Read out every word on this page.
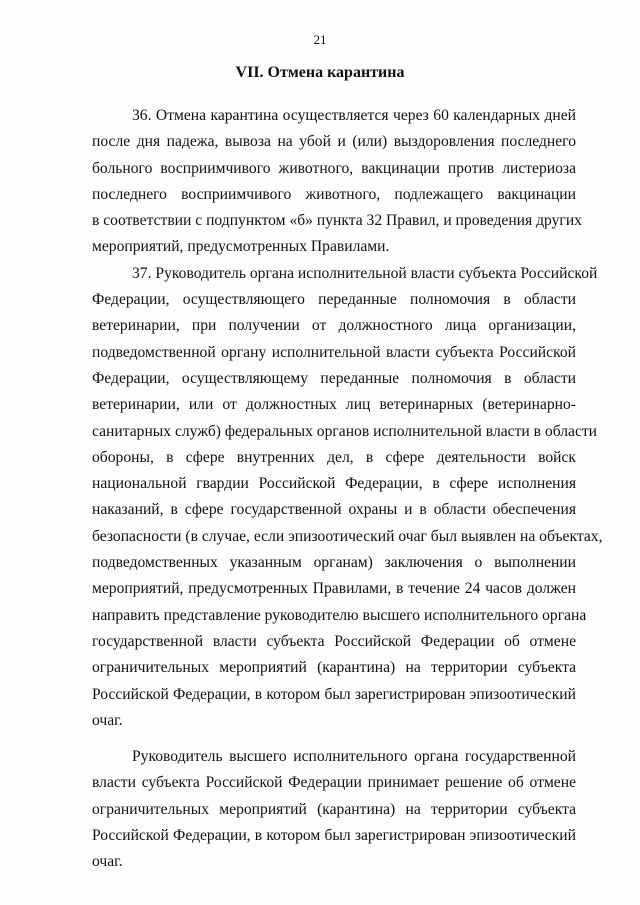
21
VII. Отмена карантина
36. Отмена карантина осуществляется через 60 календарных дней
после дня падежа, вывоза на убой и (или) выздоровления последнего
больного восприимчивого животного, вакцинации против листериоза
последнего восприимчивого животного, подлежащего вакцинации
в соответствии с подпунктом «б» пункта 32 Правил, и проведения других
мероприятий, предусмотренных Правилами.
37. Руководитель органа исполнительной власти субъекта Российской
Федерации, осуществляющего переданные полномочия в области
ветеринарии, при получении от должностного лица организации,
подведомственной органу исполнительной власти субъекта Российской
Федерации, осуществляющему переданные полномочия в области
ветеринарии, или от должностных лиц ветеринарных (ветеринарно-
санитарных служб) федеральных органов исполнительной власти в области
обороны, в сфере внутренних дел, в сфере деятельности войск
национальной гвардии Российской Федерации, в сфере исполнения
наказаний, в сфере государственной охраны и в области обеспечения
безопасности (в случае, если эпизоотический очаг был выявлен на объектах,
подведомственных указанным органам) заключения о выполнении
мероприятий, предусмотренных Правилами, в течение 24 часов должен
направить представление руководителю высшего исполнительного органа
государственной власти субъекта Российской Федерации об отмене
ограничительных мероприятий (карантина) на территории субъекта
Российской Федерации, в котором был зарегистрирован эпизоотический
очаг.
Руководитель высшего исполнительного органа государственной
власти субъекта Российской Федерации принимает решение об отмене
ограничительных мероприятий (карантина) на территории субъекта
Российской Федерации, в котором был зарегистрирован эпизоотический
очаг.
